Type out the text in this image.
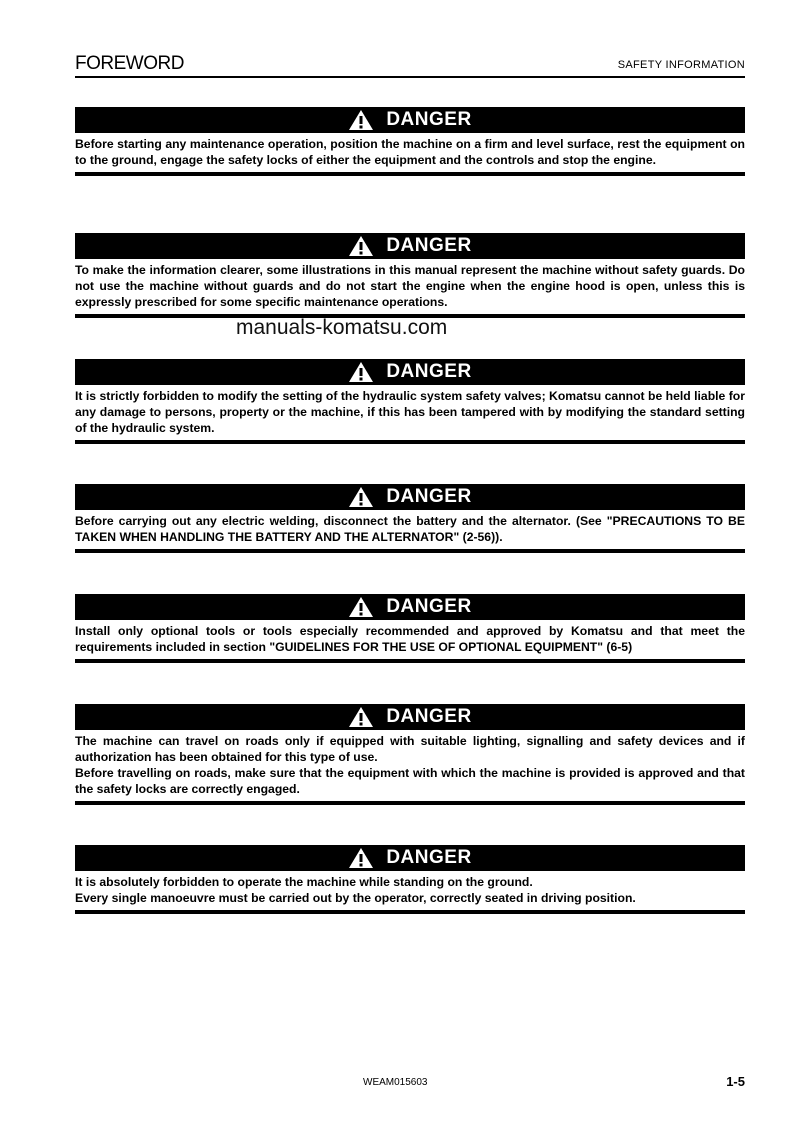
FOREWORD	SAFETY INFORMATION
DANGER

Before starting any maintenance operation, position the machine on a firm and level surface, rest the equipment on to the ground, engage the safety locks of either the equipment and the controls and stop the engine.

DANGER

To make the information clearer, some illustrations in this manual represent the machine without safety guards. Do not use the machine without guards and do not start the engine when the engine hood is open, unless this is expressly prescribed for some specific maintenance operations.

manuals-komatsu.com
DANGER

It is strictly forbidden to modify the setting of the hydraulic system safety valves; Komatsu cannot be held liable for any damage to persons, property or the machine, if this has been tampered with by modifying the standard setting of the hydraulic system.

DANGER

Before carrying out any electric welding, disconnect the battery and the alternator. (See "PRECAUTIONS TO BE TAKEN WHEN HANDLING THE BATTERY AND THE ALTERNATOR" (2-56)).

DANGER

Install only optional tools or tools especially recommended and approved by Komatsu and that meet the requirements included in section "GUIDELINES FOR THE USE OF OPTIONAL EQUIPMENT" (6-5)

DANGER

The machine can travel on roads only if equipped with suitable lighting, signalling and safety devices and if authorization has been obtained for this type of use.

Before travelling on roads, make sure that the equipment with which the machine is provided is approved and that the safety locks are correctly engaged.

DANGER

It is absolutely forbidden to operate the machine while standing on the ground.

Every single manoeuvre must be carried out by the operator, correctly seated in driving position.

WEAM015603	1-5
